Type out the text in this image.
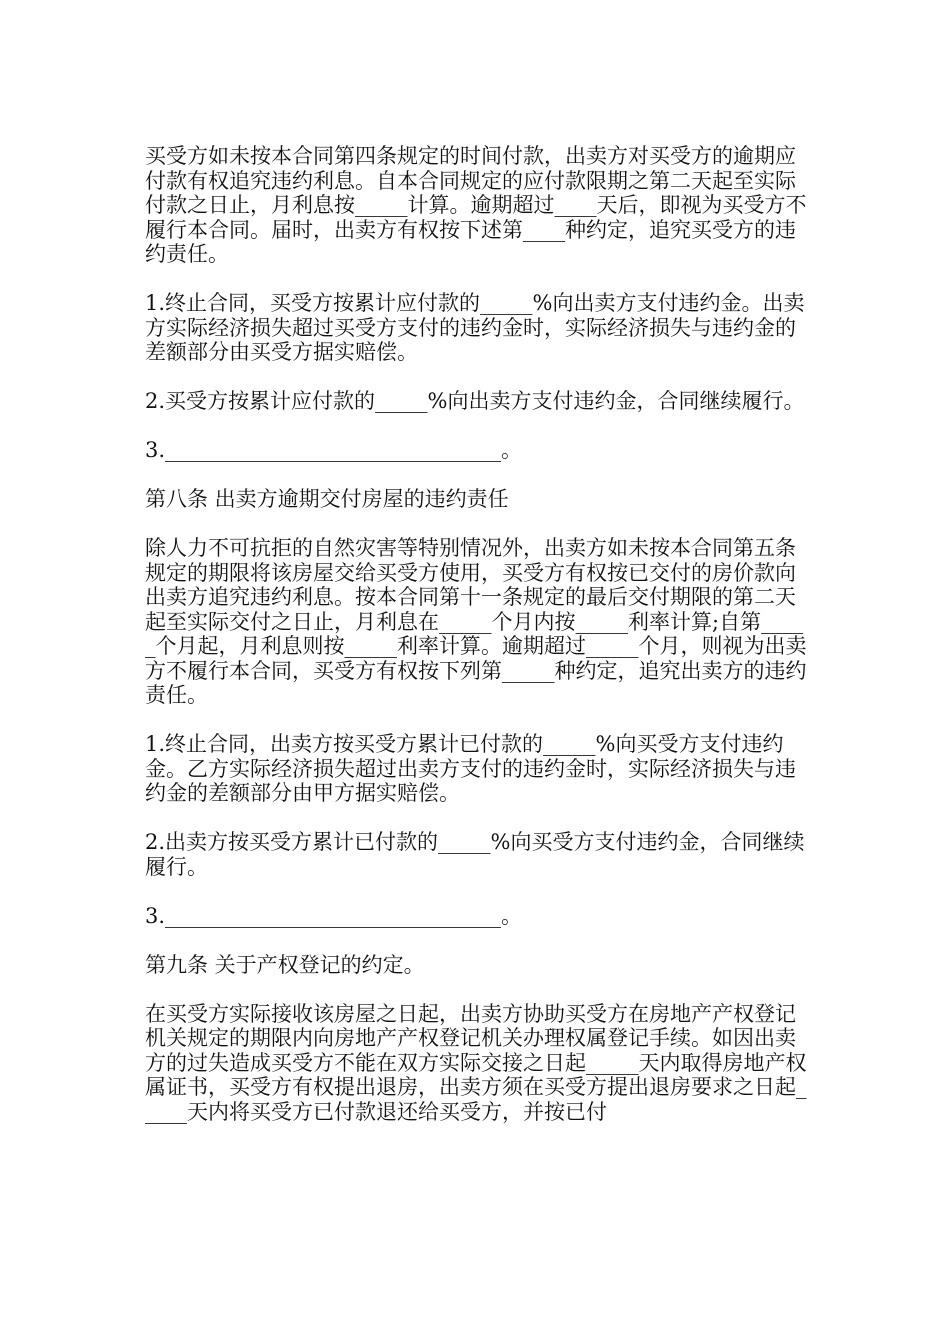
买受方如未按本合同第四条规定的时间付款，出卖方对买受方的逾期应付款有权追究违约利息。自本合同规定的应付款限期之第二天起至实际付款之日止，月利息按_____计算。逾期超过____天后，即视为买受方不履行本合同。届时，出卖方有权按下述第____种约定，追究买受方的违约责任。

1.终止合同，买受方按累计应付款的_____%向出卖方支付违约金。出卖方实际经济损失超过买受方支付的违约金时，实际经济损失与违约金的差额部分由买受方据实赔偿。

2.买受方按累计应付款的_____%向出卖方支付违约金，合同继续履行。

3.________________________________。

第八条 出卖方逾期交付房屋的违约责任

除人力不可抗拒的自然灾害等特别情况外，出卖方如未按本合同第五条规定的期限将该房屋交给买受方使用，买受方有权按已交付的房价款向出卖方追究违约利息。按本合同第十一条规定的最后交付期限的第二天起至实际交付之日止，月利息在_____个月内按_____利率计算;自第_____个月起，月利息则按_____利率计算。逾期超过_____个月，则视为出卖方不履行本合同，买受方有权按下列第_____种约定，追究出卖方的违约责任。

1.终止合同，出卖方按买受方累计已付款的_____%向买受方支付违约金。乙方实际经济损失超过出卖方支付的违约金时，实际经济损失与违约金的差额部分由甲方据实赔偿。

2.出卖方按买受方累计已付款的_____%向买受方支付违约金，合同继续履行。

3.________________________________。

第九条 关于产权登记的约定。

在买受方实际接收该房屋之日起，出卖方协助买受方在房地产产权登记机关规定的期限内向房地产产权登记机关办理权属登记手续。如因出卖方的过失造成买受方不能在双方实际交接之日起_____天内取得房地产权属证书，买受方有权提出退房，出卖方须在买受方提出退房要求之日起_____天内将买受方已付款退还给买受方，并按已付
